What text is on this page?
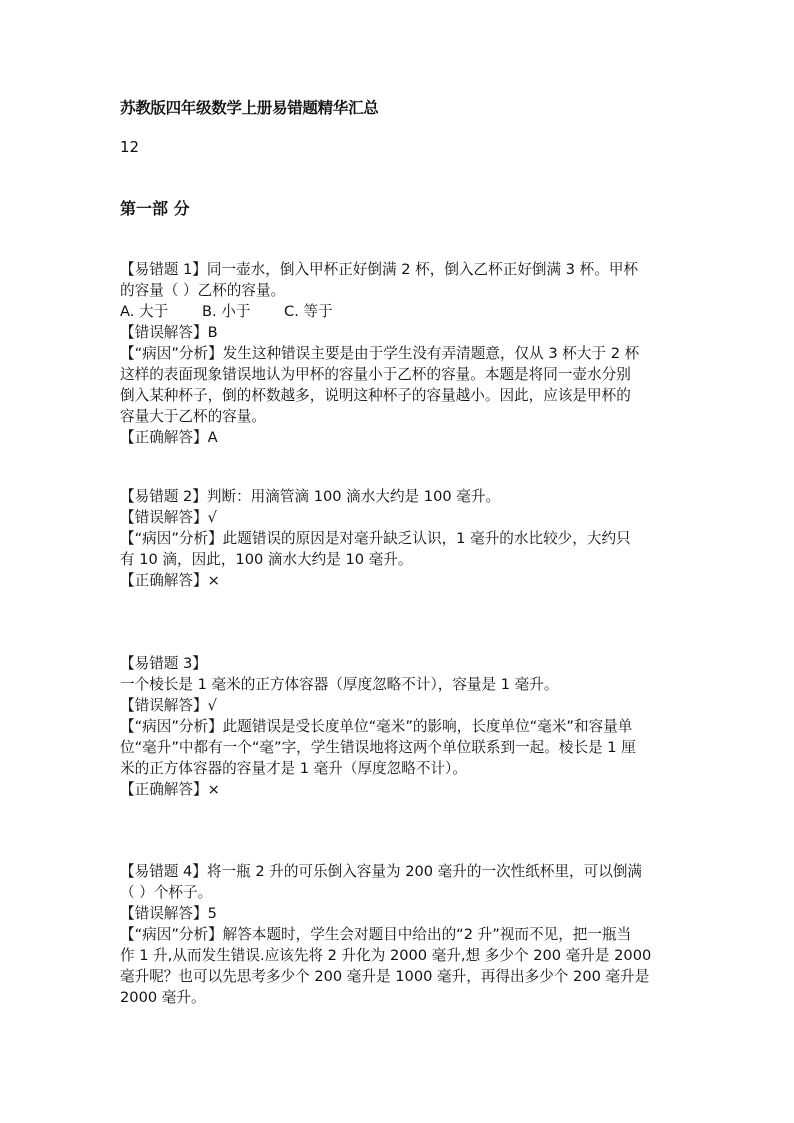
苏教版四年级数学上册易错题精华汇总
12
第一部 分
【易错题 1】同一壶水，倒入甲杯正好倒满 2 杯，倒入乙杯正好倒满 3 杯。甲杯
的容量（ ）乙杯的容量。
A. 大于 B. 小于 C. 等于
【错误解答】B
【“病因”分析】发生这种错误主要是由于学生没有弄清题意，仅从 3 杯大于 2 杯
这样的表面现象错误地认为甲杯的容量小于乙杯的容量。本题是将同一壶水分别
倒入某种杯子，倒的杯数越多，说明这种杯子的容量越小。因此，应该是甲杯的
容量大于乙杯的容量。
【正确解答】A
【易错题 2】判断：用滴管滴 100 滴水大约是 100 毫升。
【错误解答】√
【“病因”分析】此题错误的原因是对毫升缺乏认识，1 毫升的水比较少，大约只
有 10 滴，因此，100 滴水大约是 10 毫升。
【正确解答】×
【易错题 3】
一个棱长是 1 毫米的正方体容器（厚度忽略不计），容量是 1 毫升。
【错误解答】√
【“病因”分析】此题错误是受长度单位“毫米”的影响，长度单位“毫米”和容量单
位“毫升”中都有一个“毫”字，学生错误地将这两个单位联系到一起。棱长是 1 厘
米的正方体容器的容量才是 1 毫升（厚度忽略不计）。
【正确解答】×
【易错题 4】将一瓶 2 升的可乐倒入容量为 200 毫升的一次性纸杯里，可以倒满
（ ）个杯子。
【错误解答】5
【“病因”分析】解答本题时，学生会对题目中给出的“2 升”视而不见，把一瓶当
作 1 升,从而发生错误.应该先将 2 升化为 2000 毫升,想 多少个 200 毫升是 2000
毫升呢？也可以先思考多少个 200 毫升是 1000 毫升，再得出多少个 200 毫升是
2000 毫升。
